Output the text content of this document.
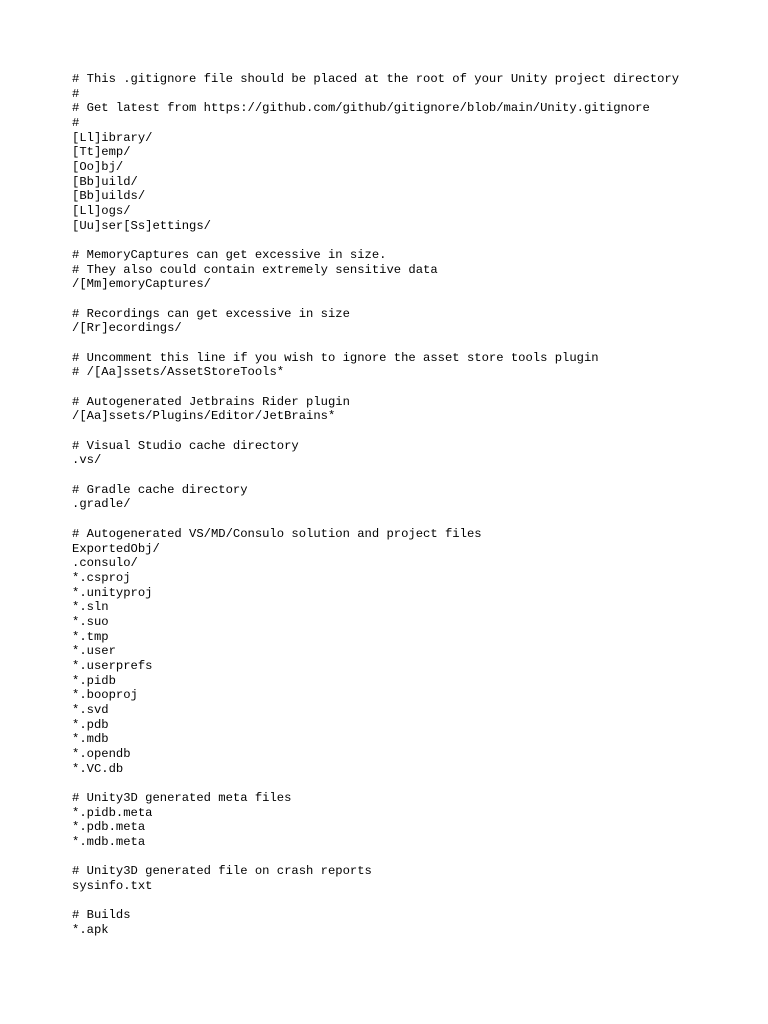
# This .gitignore file should be placed at the root of your Unity project directory
#
# Get latest from https://github.com/github/gitignore/blob/main/Unity.gitignore
#
[Ll]ibrary/
[Tt]emp/
[Oo]bj/
[Bb]uild/
[Bb]uilds/
[Ll]ogs/
[Uu]ser[Ss]ettings/
# MemoryCaptures can get excessive in size.
# They also could contain extremely sensitive data
/[Mm]emoryCaptures/
# Recordings can get excessive in size
/[Rr]ecordings/
# Uncomment this line if you wish to ignore the asset store tools plugin
# /[Aa]ssets/AssetStoreTools*
# Autogenerated Jetbrains Rider plugin
/[Aa]ssets/Plugins/Editor/JetBrains*
# Visual Studio cache directory
.vs/
# Gradle cache directory
.gradle/
# Autogenerated VS/MD/Consulo solution and project files
ExportedObj/
.consulo/
*.csproj
*.unityproj
*.sln
*.suo
*.tmp
*.user
*.userprefs
*.pidb
*.booproj
*.svd
*.pdb
*.mdb
*.opendb
*.VC.db
# Unity3D generated meta files
*.pidb.meta
*.pdb.meta
*.mdb.meta
# Unity3D generated file on crash reports
sysinfo.txt
# Builds
*.apk
